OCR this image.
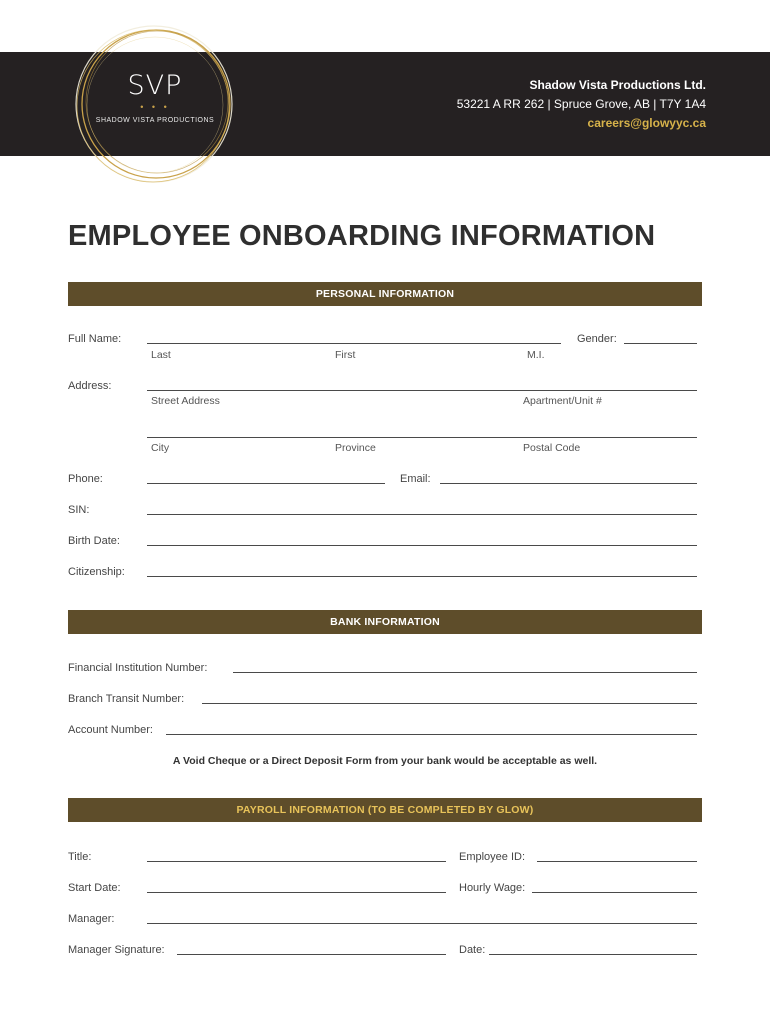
SVP
• • •
SHADOW VISTA PRODUCTIONS
Shadow Vista Productions Ltd.
53221 A RR 262 | Spruce Grove, AB | T7Y 1A4
careers@glowyyc.ca
EMPLOYEE ONBOARDING INFORMATION
PERSONAL INFORMATION
Full Name:	Gender:
Last	First	M.I.
Address:
Street Address	Apartment/Unit #
City	Province	Postal Code
Phone:	Email:
SIN:
Birth Date:
Citizenship:
BANK INFORMATION
Financial Institution Number:
Branch Transit Number:
Account Number:
A Void Cheque or a Direct Deposit Form from your bank would be acceptable as well.
PAYROLL INFORMATION (TO BE COMPLETED BY GLOW)
Title:	Employee ID:
Start Date:	Hourly Wage:
Manager:
Manager Signature:	Date:
